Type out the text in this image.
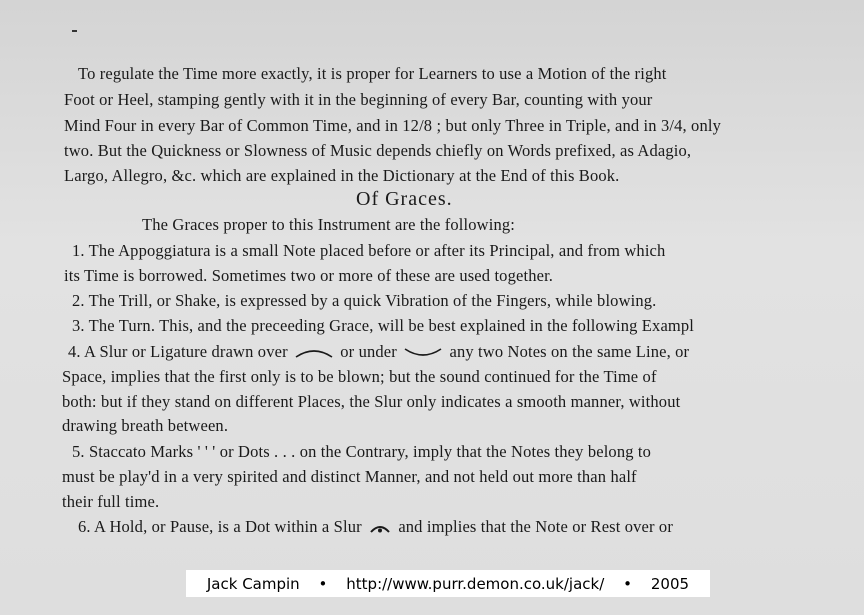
To regulate the Time more exactly, it is proper for Learners to use a Motion of the right
Foot or Heel, stamping gently with it in the beginning of every Bar, counting with your
Mind Four in every Bar of Common Time, and in 12/8 ; but only Three in Triple, and in 3/4, only
two. But the Quickness or Slowness of Music depends chiefly on Words prefixed, as Adagio,
Largo, Allegro, &c. which are explained in the Dictionary at the End of this Book.
Of Graces.
The Graces proper to this Instrument are the following:
1. The Appoggiatura is a small Note placed before or after its Principal, and from which
its Time is borrowed. Sometimes two or more of these are used together.
2. The Trill, or Shake, is expressed by a quick Vibration of the Fingers, while blowing.
3. The Turn. This, and the preceeding Grace, will be best explained in the following Exampl
4. A Slur or Ligature drawn over	or under	any two Notes on the same Line, or
Space, implies that the first only is to be blown; but the sound continued for the Time of
both: but if they stand on different Places, the Slur only indicates a smooth manner, without
drawing breath between.
5. Staccato Marks ' ' ' or Dots . . . on the Contrary, imply that the Notes they belong to
must be play'd in a very spirited and distinct Manner, and not held out more than half
their full time.
6. A Hold, or Pause, is a Dot within a Slur and implies that the Note or Rest over or
Jack Campin • http://www.purr.demon.co.uk/jack/ • 2005
